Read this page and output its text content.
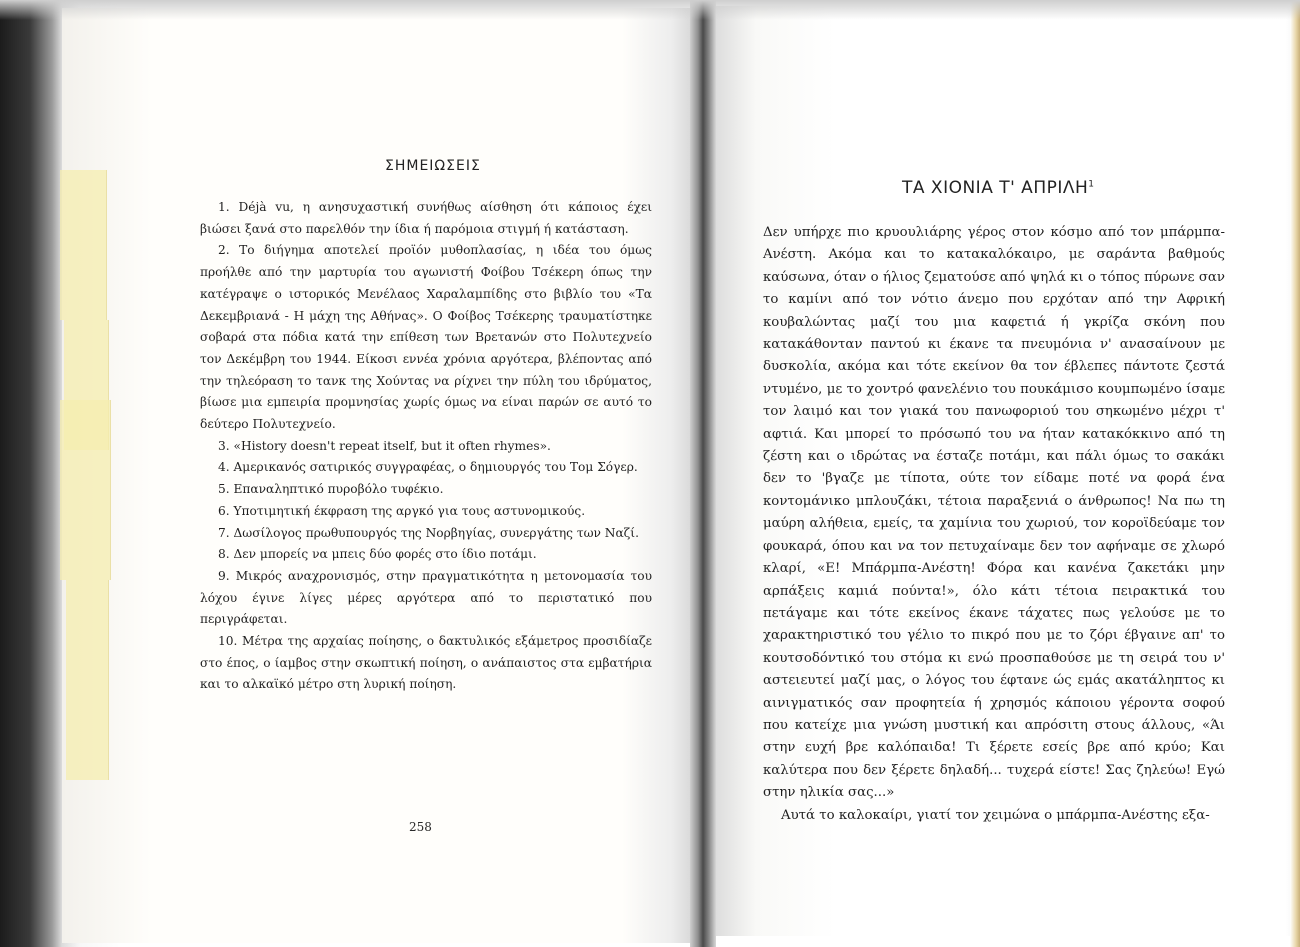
ΣΗΜΕΙΩΣΕΙΣ

1. Déjà vu, η ανησυχαστική συνήθως αίσθηση ότι κάποιος έχει βιώσει ξανά στο παρελθόν την ίδια ή παρόμοια στιγμή ή κατάσταση.

2. Το διήγημα αποτελεί προϊόν μυθοπλασίας, η ιδέα του όμως προήλθε από την μαρτυρία του αγωνιστή Φοίβου Τσέκερη όπως την κατέγραψε ο ιστορικός Μενέλαος Χαραλαμπίδης στο βιβλίο του «Τα Δεκεμβριανά - Η μάχη της Αθήνας». Ο Φοίβος Τσέκερης τραυματίστηκε σοβαρά στα πόδια κατά την επίθεση των Βρετανών στο Πολυτεχνείο τον Δεκέμβρη του 1944. Είκοσι εννέα χρόνια αργότερα, βλέποντας από την τηλεόραση το τανκ της Χούντας να ρίχνει την πύλη του ιδρύματος, βίωσε μια εμπειρία προμνησίας χωρίς όμως να είναι παρών σε αυτό το δεύτερο Πολυτεχνείο.

3. «History doesn't repeat itself, but it often rhymes».

4. Αμερικανός σατιρικός συγγραφέας, ο δημιουργός του Τομ Σόγερ.

5. Επαναληπτικό πυροβόλο τυφέκιο.

6. Υποτιμητική έκφραση της αργκό για τους αστυνομικούς.

7. Δωσίλογος πρωθυπουργός της Νορβηγίας, συνεργάτης των Ναζί.

8. Δεν μπορείς να μπεις δύο φορές στο ίδιο ποτάμι.

9. Μικρός αναχρονισμός, στην πραγματικότητα η μετονομασία του λόχου έγινε λίγες μέρες αργότερα από το περιστατικό που περιγράφεται.

10. Μέτρα της αρχαίας ποίησης, ο δακτυλικός εξάμετρος προσιδίαζε στο έπος, ο ίαμβος στην σκωπτική ποίηση, ο ανάπαιστος στα εμβατήρια και το αλκαϊκό μέτρο στη λυρική ποίηση.

258
ΤΑ ΧΙΟΝΙΑ Τ' ΑΠΡΙΛΗ$^1$

Δεν υπήρχε πιο κρυουλιάρης γέρος στον κόσμο από τον μπάρμπα-Ανέστη. Ακόμα και το κατακαλόκαιρο, με σαράντα βαθμούς καύσωνα, όταν ο ήλιος ζεματούσε από ψηλά κι ο τόπος πύρωνε σαν το καμίνι από τον νότιο άνεμο που ερχόταν από την Αφρική κουβαλώντας μαζί του μια καφετιά ή γκρίζα σκόνη που κατακάθονταν παντού κι έκανε τα πνευμόνια ν' ανασαίνουν με δυσκολία, ακόμα και τότε εκείνον θα τον έβλεπες πάντοτε ζεστά ντυμένο, με το χοντρό φανελένιο του πουκάμισο κουμπωμένο ίσαμε τον λαιμό και τον γιακά του πανωφοριού του σηκωμένο μέχρι τ' αφτιά. Και μπορεί το πρόσωπό του να ήταν κατακόκκινο από τη ζέστη και ο ιδρώτας να έσταζε ποτάμι, και πάλι όμως το σακάκι δεν το 'βγαζε με τίποτα, ούτε τον είδαμε ποτέ να φορά ένα κοντομάνικο μπλουζάκι, τέτοια παραξενιά ο άνθρωπος! Να πω τη μαύρη αλήθεια, εμείς, τα χαμίνια του χωριού, τον κοροϊδεύαμε τον φουκαρά, όπου και να τον πετυχαίναμε δεν τον αφήναμε σε χλωρό κλαρί, «Ε! Μπάρμπα-Ανέστη! Φόρα και κανένα ζακετάκι μην αρπάξεις καμιά πούντα!», όλο κάτι τέτοια πειρακτικά του πετάγαμε και τότε εκείνος έκανε τάχατες πως γελούσε με το χαρακτηριστικό του γέλιο το πικρό που με το ζόρι έβγαινε απ' το κουτσοδόντικό του στόμα κι ενώ προσπαθούσε με τη σειρά του ν' αστειευτεί μαζί μας, ο λόγος του έφτανε ώς εμάς ακατάληπτος κι αινιγματικός σαν προφητεία ή χρησμός κάποιου γέροντα σοφού που κατείχε μια γνώση μυστική και απρόσιτη στους άλλους, «Άι στην ευχή βρε καλόπαιδα! Τι ξέρετε εσείς βρε από κρύο; Και καλύτερα που δεν ξέρετε δηλαδή... τυχερά είστε! Σας ζηλεύω! Εγώ στην ηλικία σας...»

Αυτά το καλοκαίρι, γιατί τον χειμώνα ο μπάρμπα-Ανέστης εξα-
